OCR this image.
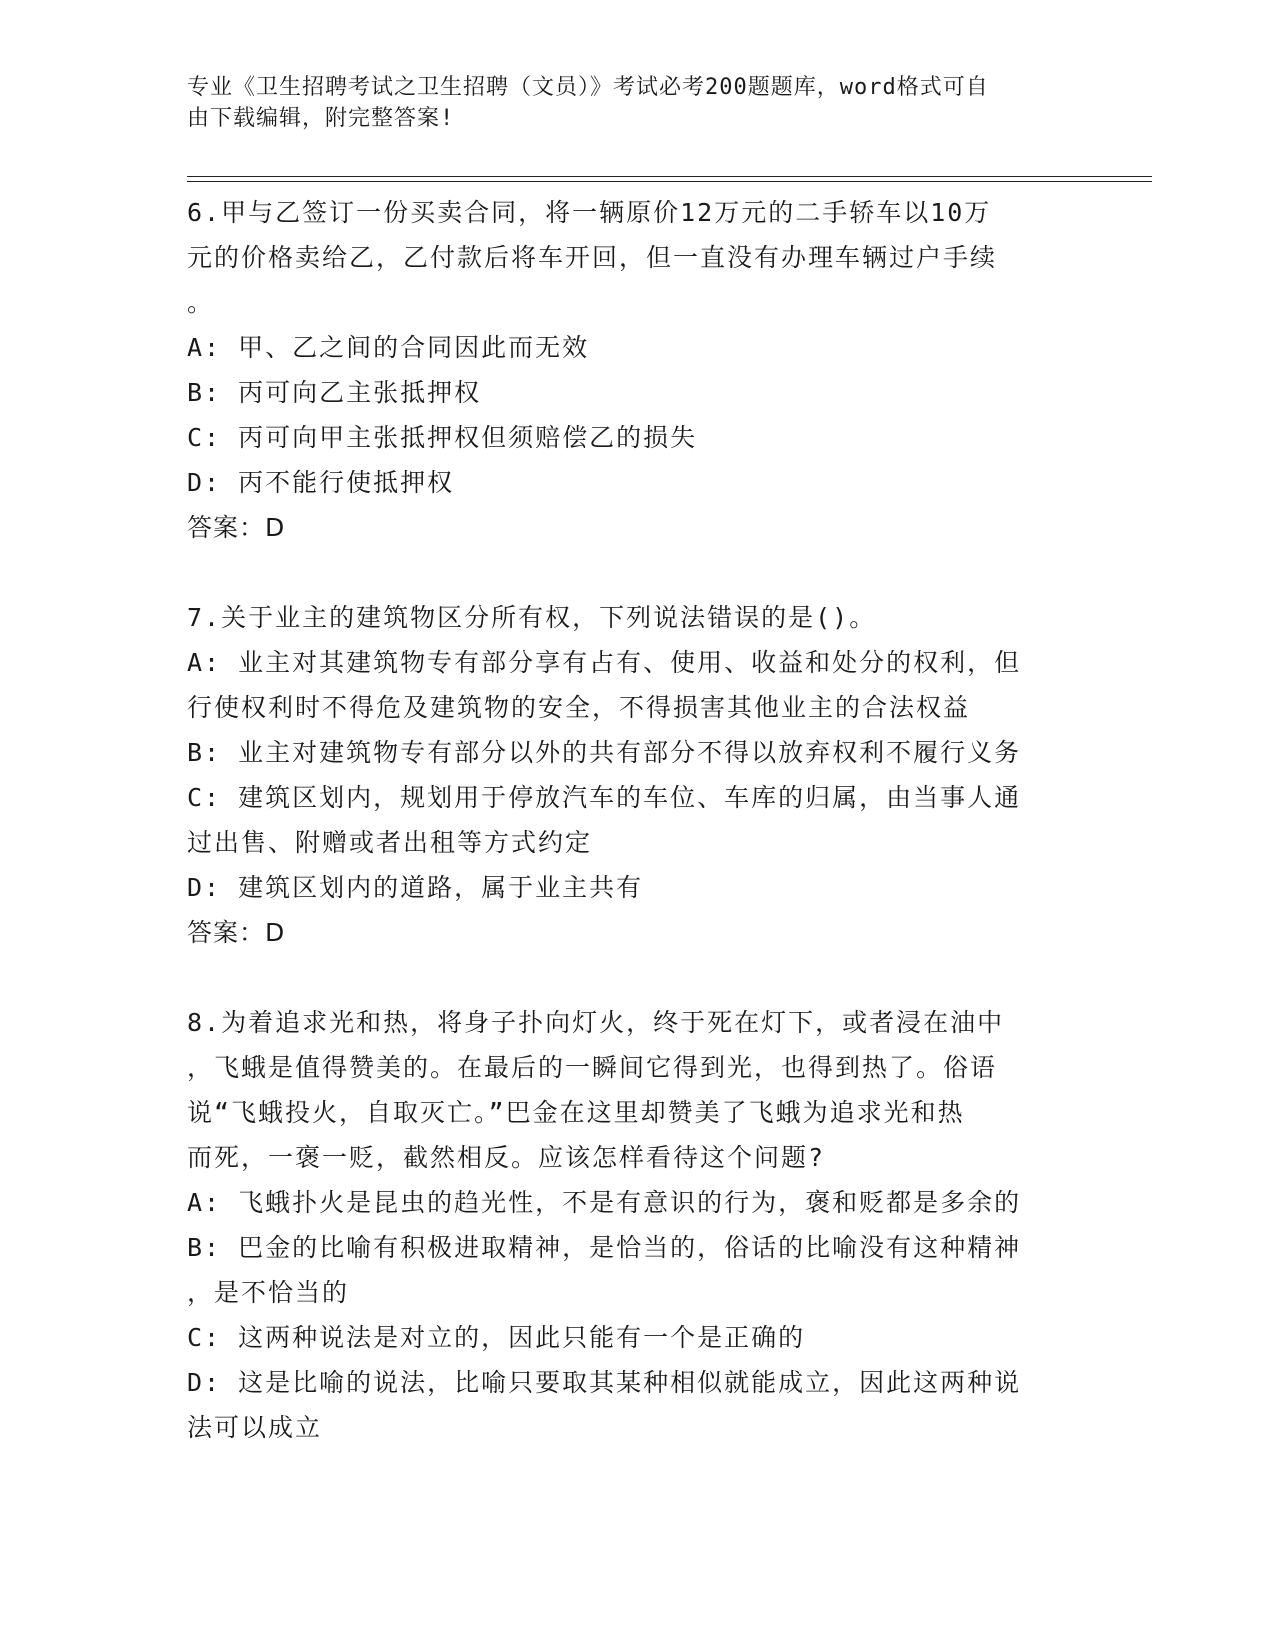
专业《卫生招聘考试之卫生招聘（文员）》考试必考200题题库，word格式可自
由下载编辑，附完整答案!
6.甲与乙签订一份买卖合同，将一辆原价12万元的二手轿车以10万
元的价格卖给乙，乙付款后将车开回，但一直没有办理车辆过户手续
。
A: 甲、乙之间的合同因此而无效
B: 丙可向乙主张抵押权
C: 丙可向甲主张抵押权但须赔偿乙的损失
D: 丙不能行使抵押权
答案：D
7.关于业主的建筑物区分所有权，下列说法错误的是()。
A: 业主对其建筑物专有部分享有占有、使用、收益和处分的权利，但
行使权利时不得危及建筑物的安全，不得损害其他业主的合法权益
B: 业主对建筑物专有部分以外的共有部分不得以放弃权利不履行义务
C: 建筑区划内，规划用于停放汽车的车位、车库的归属，由当事人通
过出售、附赠或者出租等方式约定
D: 建筑区划内的道路，属于业主共有
答案：D
8.为着追求光和热，将身子扑向灯火，终于死在灯下，或者浸在油中
，飞蛾是值得赞美的。在最后的一瞬间它得到光，也得到热了。俗语
说“飞蛾投火，自取灭亡。”巴金在这里却赞美了飞蛾为追求光和热
而死，一褒一贬，截然相反。应该怎样看待这个问题?
A: 飞蛾扑火是昆虫的趋光性，不是有意识的行为，褒和贬都是多余的
B: 巴金的比喻有积极进取精神，是恰当的，俗话的比喻没有这种精神
，是不恰当的
C: 这两种说法是对立的，因此只能有一个是正确的
D: 这是比喻的说法，比喻只要取其某种相似就能成立，因此这两种说
法可以成立
